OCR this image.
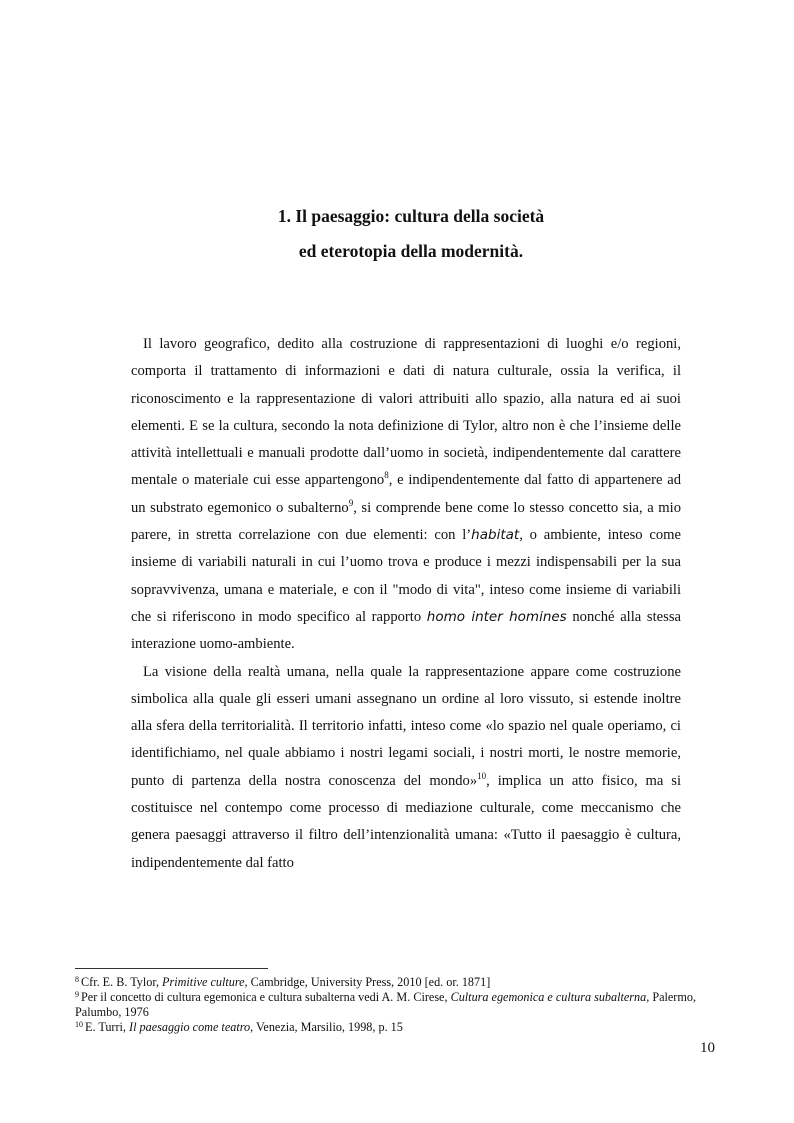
1. Il paesaggio: cultura della società
ed eterotopia della modernità.

Il lavoro geografico, dedito alla costruzione di rappresentazioni di luoghi e/o regioni, comporta il trattamento di informazioni e dati di natura culturale, ossia la verifica, il riconoscimento e la rappresentazione di valori attribuiti allo spazio, alla natura ed ai suoi elementi. E se la cultura, secondo la nota definizione di Tylor, altro non è che l’insieme delle attività intellettuali e manuali prodotte dall’uomo in società, indipendentemente dal carattere mentale o materiale cui esse appartengono$^8$, e indipendentemente dal fatto di appartenere ad un substrato egemonico o subalterno$^9$, si comprende bene come lo stesso concetto sia, a mio parere, in stretta correlazione con due elementi: con l’habitat, o ambiente, inteso come insieme di variabili naturali in cui l’uomo trova e produce i mezzi indispensabili per la sua sopravvivenza, umana e materiale, e con il "modo di vita", inteso come insieme di variabili che si riferiscono in modo specifico al rapporto homo inter homines nonché alla stessa interazione uomo-ambiente.

La visione della realtà umana, nella quale la rappresentazione appare come costruzione simbolica alla quale gli esseri umani assegnano un ordine al loro vissuto, si estende inoltre alla sfera della territorialità. Il territorio infatti, inteso come «lo spazio nel quale operiamo, ci identifichiamo, nel quale abbiamo i nostri legami sociali, i nostri morti, le nostre memorie, punto di partenza della nostra conoscenza del mondo»$^{10}$, implica un atto fisico, ma si costituisce nel contempo come processo di mediazione culturale, come meccanismo che genera paesaggi attraverso il filtro dell’intenzionalità umana: «Tutto il paesaggio è cultura, indipendentemente dal fatto

$^8$ Cfr. E. B. Tylor, Primitive culture, Cambridge, University Press, 2010 [ed. or. 1871]

$^9$ Per il concetto di cultura egemonica e cultura subalterna vedi A. M. Cirese, Cultura egemonica e cultura subalterna, Palermo, Palumbo, 1976

$^{10}$ E. Turri, Il paesaggio come teatro, Venezia, Marsilio, 1998, p. 15

10
